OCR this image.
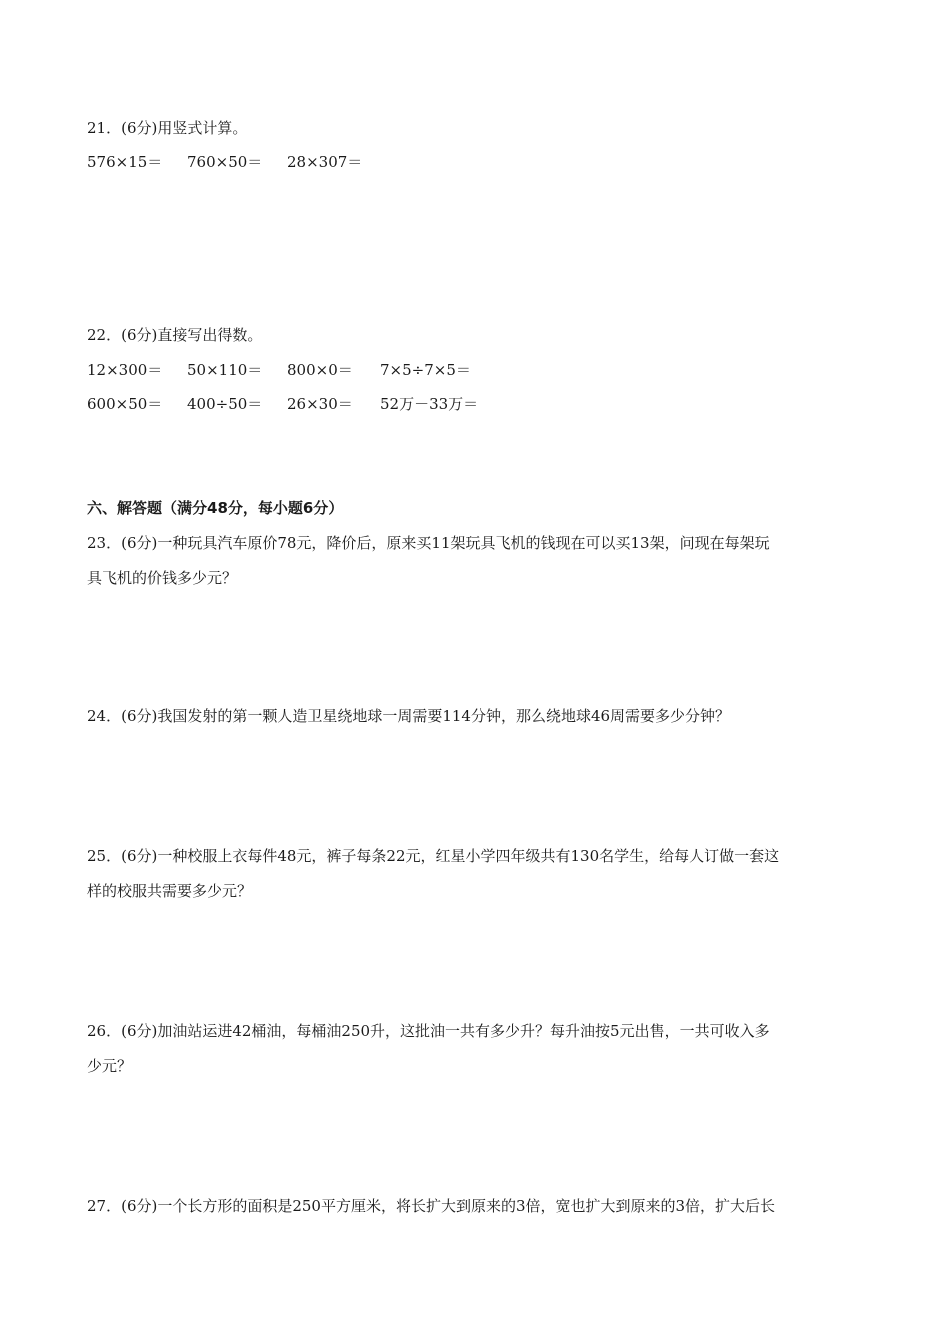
21．(6分)用竖式计算。
576×15＝ 760×50＝ 28×307＝
22．(6分)直接写出得数。
12×300＝ 50×110＝ 800×0＝ 7×5÷7×5＝
600×50＝ 400÷50＝ 26×30＝ 52万－33万＝
六、解答题（满分48分，每小题6分）
23．(6分)一种玩具汽车原价78元，降价后，原来买11架玩具飞机的钱现在可以买13架，问现在每架玩
具飞机的价钱多少元？
24．(6分)我国发射的第一颗人造卫星绕地球一周需要114分钟，那么绕地球46周需要多少分钟？
25．(6分)一种校服上衣每件48元，裤子每条22元，红星小学四年级共有130名学生，给每人订做一套这
样的校服共需要多少元？
26．(6分)加油站运进42桶油，每桶油250升，这批油一共有多少升？每升油按5元出售，一共可收入多
少元？
27．(6分)一个长方形的面积是250平方厘米，将长扩大到原来的3倍，宽也扩大到原来的3倍，扩大后长
